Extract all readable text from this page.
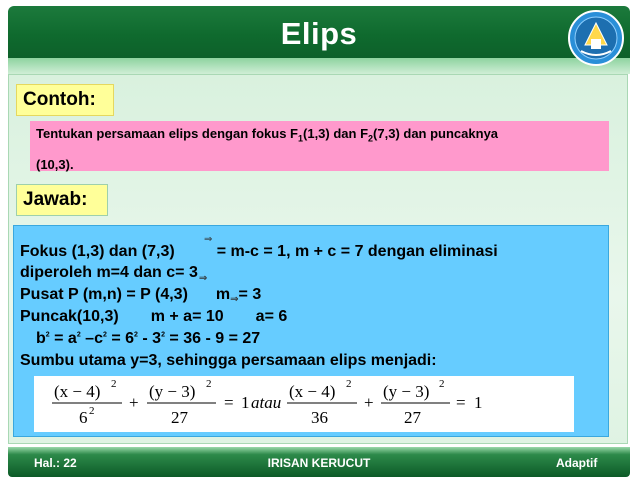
Elips
Contoh:
Tentukan persamaan elips dengan fokus $F_1(1,3)$ dan $F_2(7,3)$ dan puncaknya
(10,3).
Jawab:
⇒
Fokus (1,3) dan (7,3)	= m-c = 1, m + c = 7 dengan eliminasi
diperoleh m=4 dan $c= 3_\Rightarrow$
Pusat P (m,n) = P (4,3) m⇒= 3
Puncak(10,3) m + a= 10 a= 6
$b^2 = a^2$ $-c^2 = 6^2 - 3^2 = 36 - 9 = 27$
Sumbu utama y=3, sehingga persamaan elips menjadi:
(x − 4) 2
6 2 +
(y − 3) 2
27
= 1 atau
(x − 4) 2
36
+
(y − 3) 2
27
= 1
Hal.: 22	IRISAN KERUCUT	Adaptif
